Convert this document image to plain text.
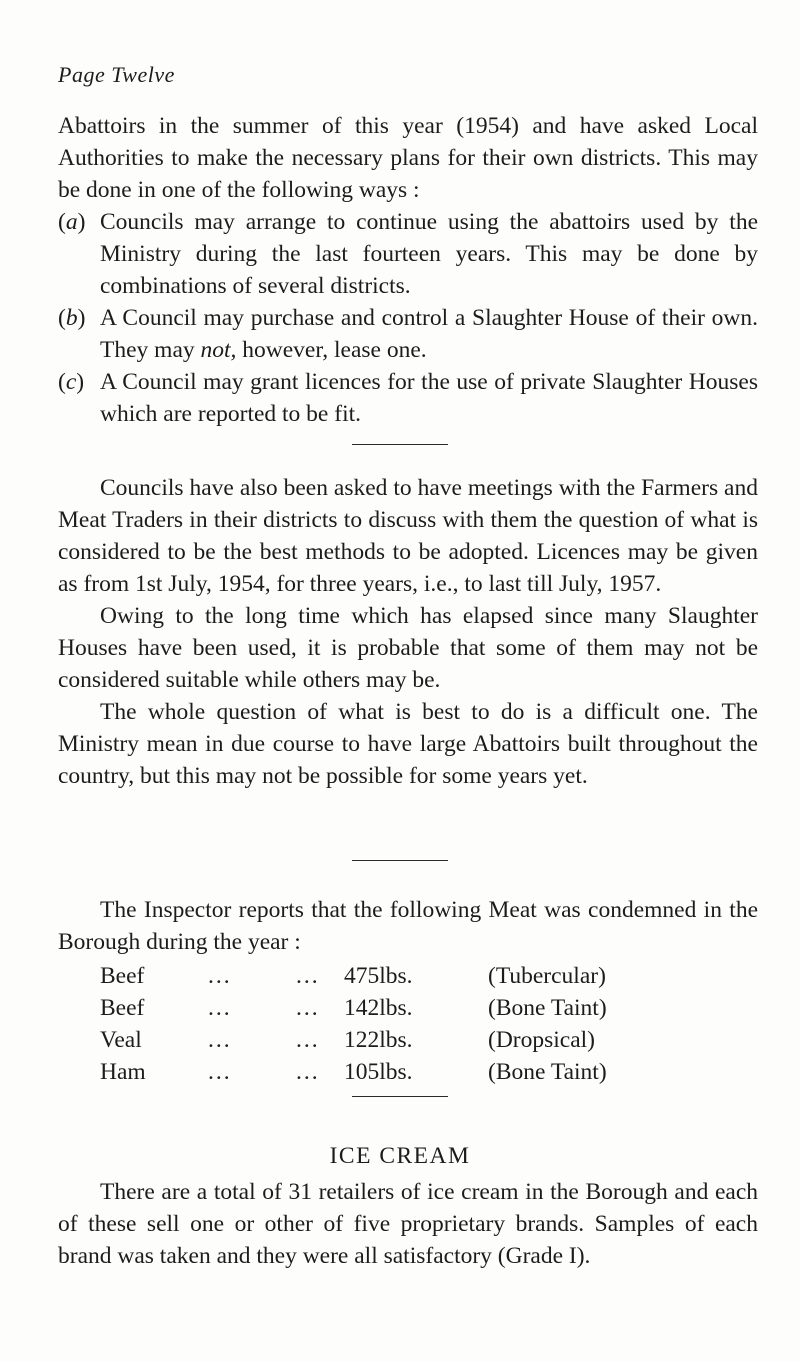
Page Twelve

Abattoirs in the summer of this year (1954) and have asked Local Authorities to make the necessary plans for their own districts. This may be done in one of the following ways :

(a) Councils may arrange to continue using the abattoirs used by the Ministry during the last fourteen years. This may be done by combinations of several districts.
(b) A Council may purchase and control a Slaughter House of their own. They may not, however, lease one.
(c) A Council may grant licences for the use of private Slaughter Houses which are reported to be fit.

Councils have also been asked to have meetings with the Farmers and Meat Traders in their districts to discuss with them the question of what is considered to be the best methods to be adopted. Licences may be given as from 1st July, 1954, for three years, i.e., to last till July, 1957.

Owing to the long time which has elapsed since many Slaughter Houses have been used, it is probable that some of them may not be considered suitable while others may be.

The whole question of what is best to do is a difficult one. The Ministry mean in due course to have large Abattoirs built throughout the country, but this may not be possible for some years yet.

The Inspector reports that the following Meat was condemned in the Borough during the year :

Beef	...	... 475lbs.	(Tubercular)
Beef	...	... 142lbs.	(Bone Taint)
Veal	...	... 122lbs.	(Dropsical)
Ham	...	... 105lbs.	(Bone Taint)
ICE CREAM

There are a total of 31 retailers of ice cream in the Borough and each of these sell one or other of five proprietary brands. Samples of each brand was taken and they were all satisfactory (Grade I).
